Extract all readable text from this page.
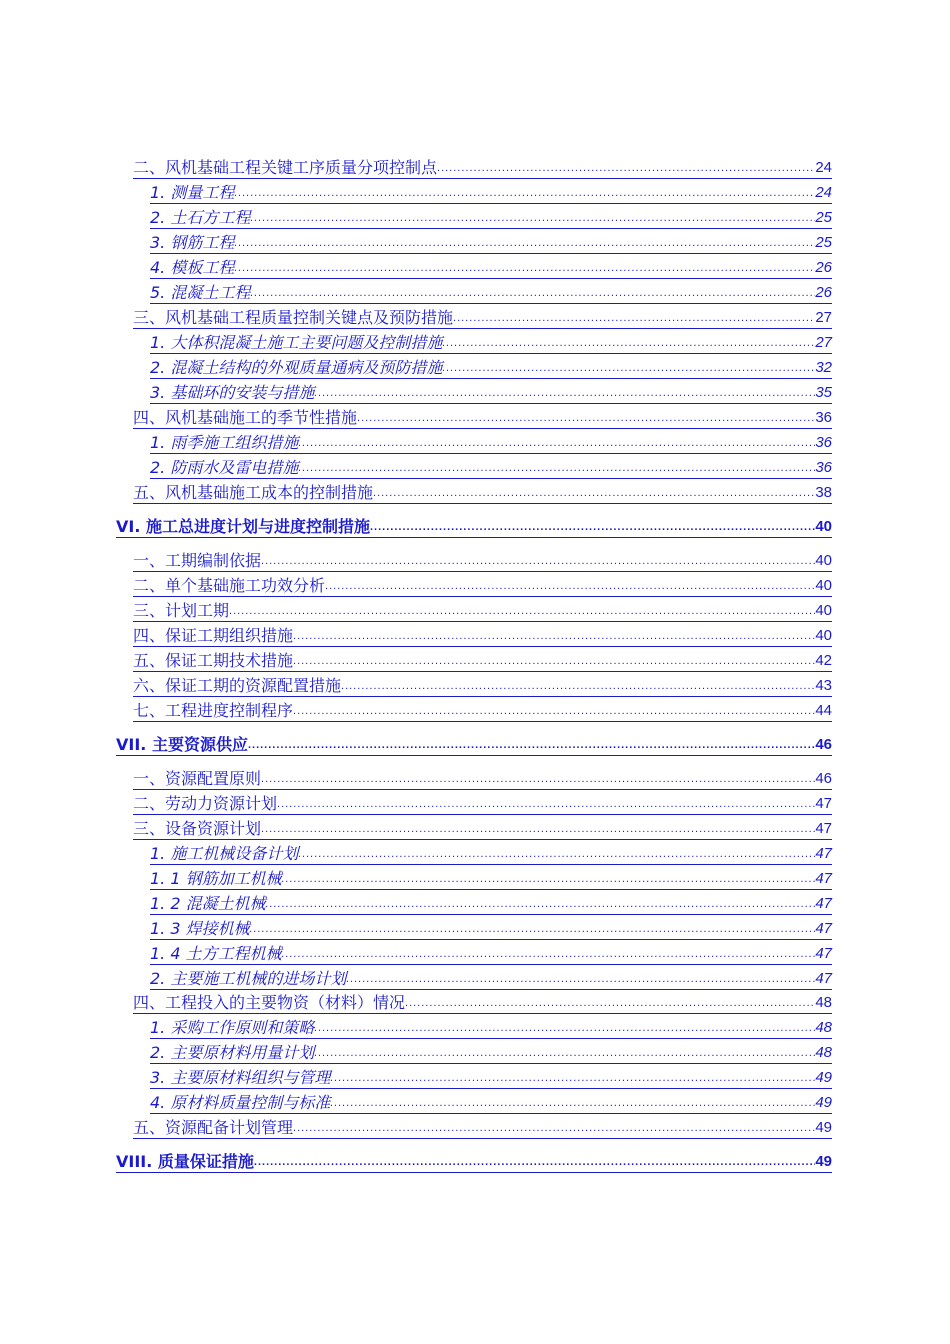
二、风机基础工程关键工序质量分项控制点 .....	24
1. 测量工程 .....	24
2. 土石方工程 .....	25
3. 钢筋工程 .....	25
4. 模板工程 .....	26
5. 混凝土工程 .....	26
三、风机基础工程质量控制关键点及预防措施 .....	27
1. 大体积混凝土施工主要问题及控制措施 .....	27
2. 混凝土结构的外观质量通病及预防措施 .....	32
3. 基础环的安装与措施 .....	35
四、风机基础施工的季节性措施 .....	36
1. 雨季施工组织措施 .....	36
2. 防雨水及雷电措施 .....	36
五、风机基础施工成本的控制措施 .....	38
VI. 施工总进度计划与进度控制措施 .....	40
一、工期编制依据 .....	40
二、单个基础施工功效分析 .....	40
三、计划工期 .....	40
四、保证工期组织措施 .....	40
五、保证工期技术措施 .....	42
六、保证工期的资源配置措施 .....	43
七、工程进度控制程序 .....	44
VII. 主要资源供应 .....	46
一、资源配置原则 .....	46
二、劳动力资源计划 .....	47
三、设备资源计划 .....	47
1. 施工机械设备计划 .....	47
1. 1 钢筋加工机械 .....	47
1. 2 混凝土机械 .....	47
1. 3 焊接机械 .....	47
1. 4 土方工程机械 .....	47
2. 主要施工机械的进场计划 .....	47
四、工程投入的主要物资（材料）情况 .....	48
1. 采购工作原则和策略 .....	48
2. 主要原材料用量计划 .....	48
3. 主要原材料组织与管理 .....	49
4. 原材料质量控制与标准 .....	49
五、资源配备计划管理 .....	49
VIII. 质量保证措施 .....	49
